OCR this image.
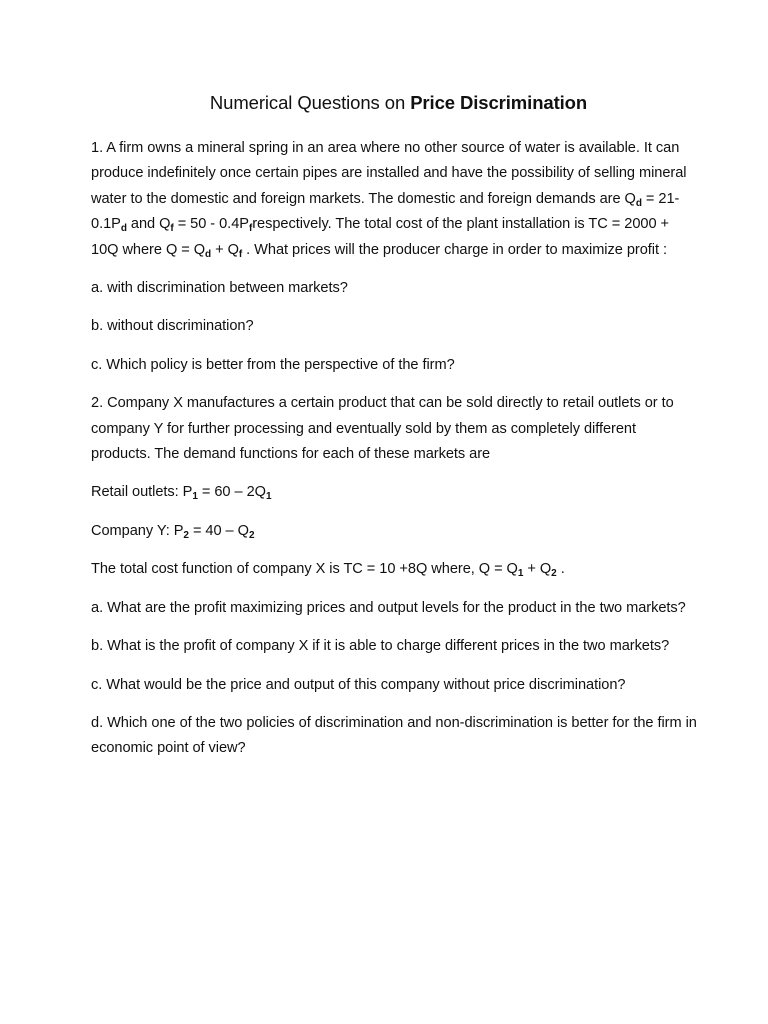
Numerical Questions on Price Discrimination

1. A firm owns a mineral spring in an area where no other source of water is available. It can produce indefinitely once certain pipes are installed and have the possibility of selling mineral water to the domestic and foreign markets. The domestic and foreign demands are $Q_d = 21-$ $0.1P_d$ and $Q_f = 50$ - $0.4P_frespectively$. The total cost of the plant installation is TC = 2000 + 10Q where $Q = Q_d + Q_f$ . What prices will the producer charge in order to maximize profit :

a. with discrimination between markets?

b. without discrimination?

c. Which policy is better from the perspective of the firm?

2. Company X manufactures a certain product that can be sold directly to retail outlets or to company Y for further processing and eventually sold by them as completely different products. The demand functions for each of these markets are

Retail outlets: $P_1 = 60 - 2Q_1$

Company Y: $P_2 = 40 - Q_2$

The total cost function of company X is TC = 10 +8Q where, $Q = Q_1 + Q_2$ .

a. What are the profit maximizing prices and output levels for the product in the two markets?

b. What is the profit of company X if it is able to charge different prices in the two markets?

c. What would be the price and output of this company without price discrimination?

d. Which one of the two policies of discrimination and non-discrimination is better for the firm in economic point of view?
